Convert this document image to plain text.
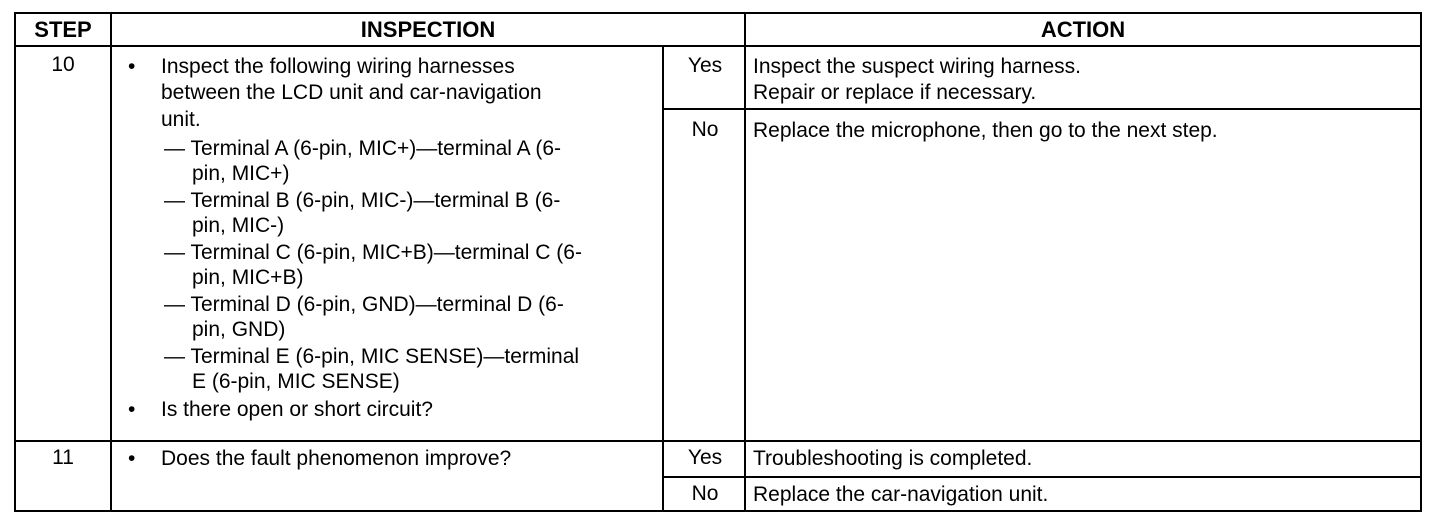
STEP	INSPECTION	ACTION
10	• Inspect the following wiring harnesses
between the LCD unit and car-navigation
unit.
— Terminal A (6-pin, MIC+)—terminal A (6-
pin, MIC+)
— Terminal B (6-pin, MIC-)—terminal B (6-
pin, MIC-)
— Terminal C (6-pin, MIC+B)—terminal C (6-
pin, MIC+B)
— Terminal D (6-pin, GND)—terminal D (6-
pin, GND)
— Terminal E (6-pin, MIC SENSE)—terminal
E (6-pin, MIC SENSE)
• Is there open or short circuit?
Yes	Inspect the suspect wiring harness.
Repair or replace if necessary.
No	Replace the microphone, then go to the next step.
11	• Does the fault phenomenon improve?	Yes	Troubleshooting is completed.
No	Replace the car-navigation unit.
